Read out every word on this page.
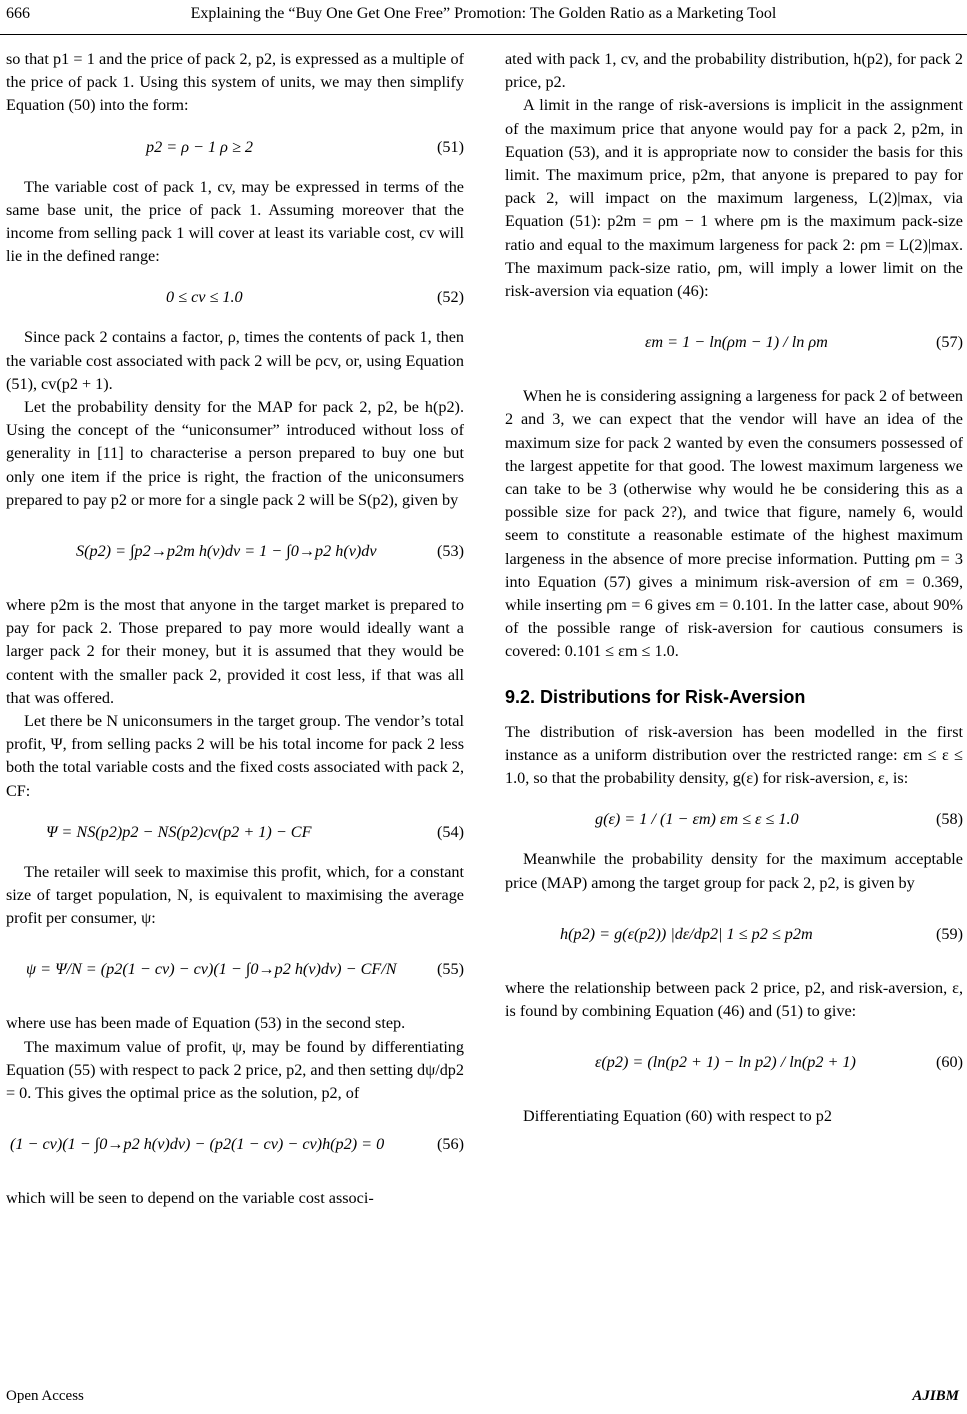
666	Explaining the “Buy One Get One Free” Promotion: The Golden Ratio as a Marketing Tool

so that p1 = 1 and the price of pack 2, p2, is expressed as a multiple of the price of pack 1. Using this system of units, we may then simplify Equation (50) into the form:

p2 = ρ − 1 ρ ≥ 2	(51)

The variable cost of pack 1, cv, may be expressed in terms of the same base unit, the price of pack 1. Assuming moreover that the income from selling pack 1 will cover at least its variable cost, cv will lie in the defined range:

0 ≤ cv ≤ 1.0	(52)

Since pack 2 contains a factor, ρ, times the contents of pack 1, then the variable cost associated with pack 2 will be ρcv, or, using Equation (51), cv(p2 + 1).

Let the probability density for the MAP for pack 2, p2, be h(p2). Using the concept of the “uniconsumer” introduced without loss of generality in [11] to characterise a person prepared to buy one but only one item if the price is right, the fraction of the uniconsumers prepared to pay p2 or more for a single pack 2 will be S(p2), given by

S(p2) = ∫p2→p2m h(v)dv = 1 − ∫0→p2 h(v)dv	(53)

where p2m is the most that anyone in the target market is prepared to pay for pack 2. Those prepared to pay more would ideally want a larger pack 2 for their money, but it is assumed that they would be content with the smaller pack 2, provided it cost less, if that was all that was offered.

Let there be N uniconsumers in the target group. The vendor’s total profit, Ψ, from selling packs 2 will be his total income for pack 2 less both the total variable costs and the fixed costs associated with pack 2, CF:

Ψ = NS(p2)p2 − NS(p2)cv(p2 + 1) − CF	(54)

The retailer will seek to maximise this profit, which, for a constant size of target population, N, is equivalent to maximising the average profit per consumer, ψ:

ψ = Ψ/N = (p2(1 − cv) − cv)(1 − ∫0→p2 h(v)dv) − CF/N (55)

where use has been made of Equation (53) in the second step.

The maximum value of profit, ψ, may be found by differentiating Equation (55) with respect to pack 2 price, p2, and then setting dψ/dp2 = 0. This gives the optimal price as the solution, p2, of

(1 − cv)(1 − ∫0→p2 h(v)dv) − (p2(1 − cv) − cv)h(p2) = 0	(56)

which will be seen to depend on the variable cost associ-

ated with pack 1, cv, and the probability distribution, h(p2), for pack 2 price, p2.

A limit in the range of risk-aversions is implicit in the assignment of the maximum price that anyone would pay for a pack 2, p2m, in Equation (53), and it is appropriate now to consider the basis for this limit. The maximum price, p2m, that anyone is prepared to pay for pack 2, will impact on the maximum largeness, L(2)|max, via Equation (51): p2m = ρm − 1 where ρm is the maximum pack-size ratio and equal to the maximum largeness for pack 2: ρm = L(2)|max. The maximum pack-size ratio, ρm, will imply a lower limit on the risk-aversion via equation (46):

εm = 1 − ln(ρm − 1) / ln ρm	(57)

When he is considering assigning a largeness for pack 2 of between 2 and 3, we can expect that the vendor will have an idea of the maximum size for pack 2 wanted by even the consumers possessed of the largest appetite for that good. The lowest maximum largeness we can take to be 3 (otherwise why would he be considering this as a possible size for pack 2?), and twice that figure, namely 6, would seem to constitute a reasonable estimate of the highest maximum largeness in the absence of more precise information. Putting ρm = 3 into Equation (57) gives a minimum risk-aversion of εm = 0.369, while inserting ρm = 6 gives εm = 0.101. In the latter case, about 90% of the possible range of risk-aversion for cautious consumers is covered: 0.101 ≤ εm ≤ 1.0.

9.2. Distributions for Risk-Aversion

The distribution of risk-aversion has been modelled in the first instance as a uniform distribution over the restricted range: εm ≤ ε ≤ 1.0, so that the probability density, g(ε) for risk-aversion, ε, is:

g(ε) = 1 / (1 − εm) εm ≤ ε ≤ 1.0	(58)

Meanwhile the probability density for the maximum acceptable price (MAP) among the target group for pack 2, p2, is given by

h(p2) = g(ε(p2)) |dε/dp2| 1 ≤ p2 ≤ p2m	(59)

where the relationship between pack 2 price, p2, and risk-aversion, ε, is found by combining Equation (46) and (51) to give:

ε(p2) = (ln(p2 + 1) − ln p2) / ln(p2 + 1)	(60)

Differentiating Equation (60) with respect to p2

Open Access	AJIBM
